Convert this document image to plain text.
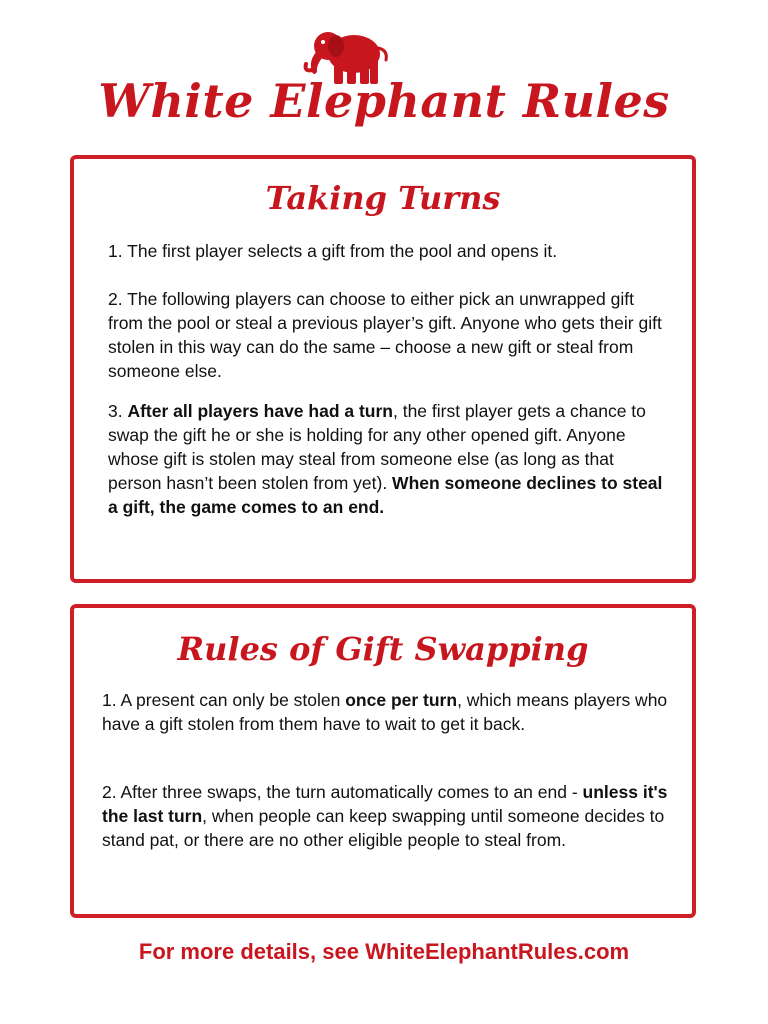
White Elephant Rules
Taking Turns

1. The first player selects a gift from the pool and opens it.

2. The following players can choose to either pick an unwrapped gift from the pool or steal a previous player’s gift. Anyone who gets their gift stolen in this way can do the same – choose a new gift or steal from someone else.

3. After all players have had a turn, the first player gets a chance to swap the gift he or she is holding for any other opened gift. Anyone whose gift is stolen may steal from someone else (as long as that person hasn’t been stolen from yet). When someone declines to steal a gift, the game comes to an end.

Rules of Gift Swapping

1. A present can only be stolen once per turn, which means players who have a gift stolen from them have to wait to get it back.

2. After three swaps, the turn automatically comes to an end - unless it's the last turn, when people can keep swapping until someone decides to stand pat, or there are no other eligible people to steal from.

For more details, see WhiteElephantRules.com
